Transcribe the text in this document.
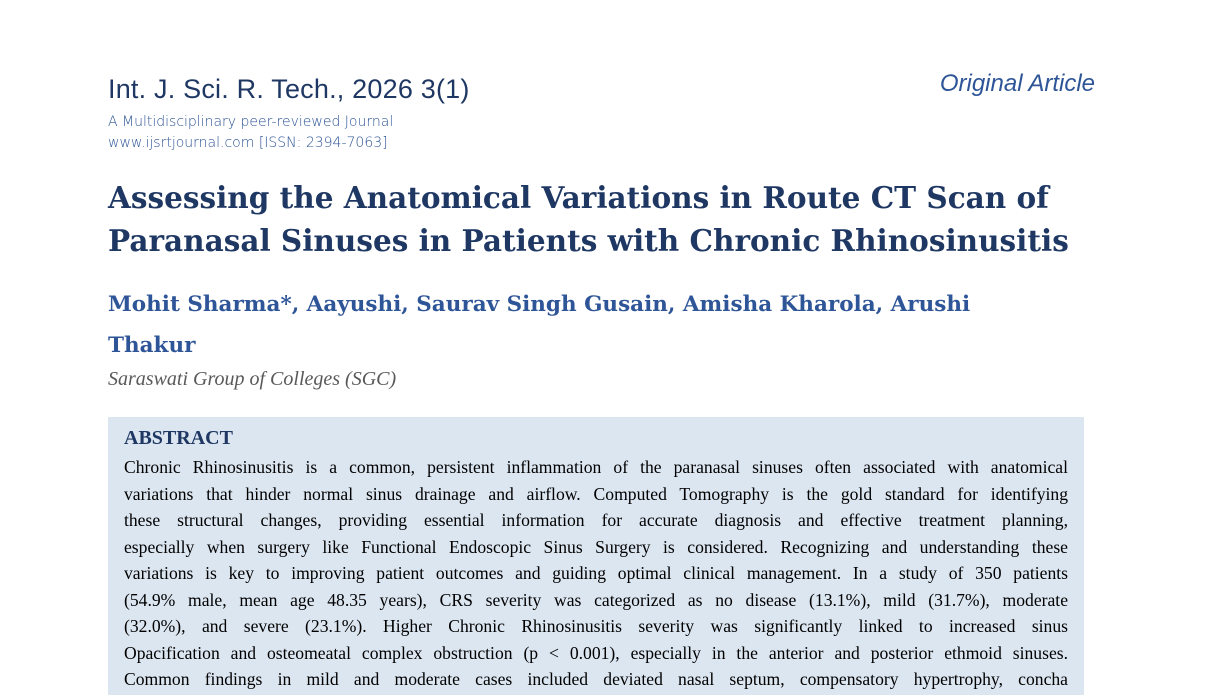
Int. J. Sci. R. Tech., 2026 3(1)	Original Article
A Multidisciplinary peer-reviewed Journal
www.ijsrtjournal.com [ISSN: 2394-7063]
Assessing the Anatomical Variations in Route CT Scan of
Paranasal Sinuses in Patients with Chronic Rhinosinusitis
Mohit Sharma*, Aayushi, Saurav Singh Gusain, Amisha Kharola, Arushi
Thakur
Saraswati Group of Colleges (SGC)
ABSTRACT
Chronic Rhinosinusitis is a common, persistent inflammation of the paranasal sinuses often associated with anatomical
variations that hinder normal sinus drainage and airflow. Computed Tomography is the gold standard for identifying
these structural changes, providing essential information for accurate diagnosis and effective treatment planning,
especially when surgery like Functional Endoscopic Sinus Surgery is considered. Recognizing and understanding these
variations is key to improving patient outcomes and guiding optimal clinical management. In a study of 350 patients
(54.9% male, mean age 48.35 years), CRS severity was categorized as no disease (13.1%), mild (31.7%), moderate
(32.0%), and severe (23.1%). Higher Chronic Rhinosinusitis severity was significantly linked to increased sinus
Opacification and osteomeatal complex obstruction (p < 0.001), especially in the anterior and posterior ethmoid sinuses.
Common findings in mild and moderate cases included deviated nasal septum, compensatory hypertrophy, concha
